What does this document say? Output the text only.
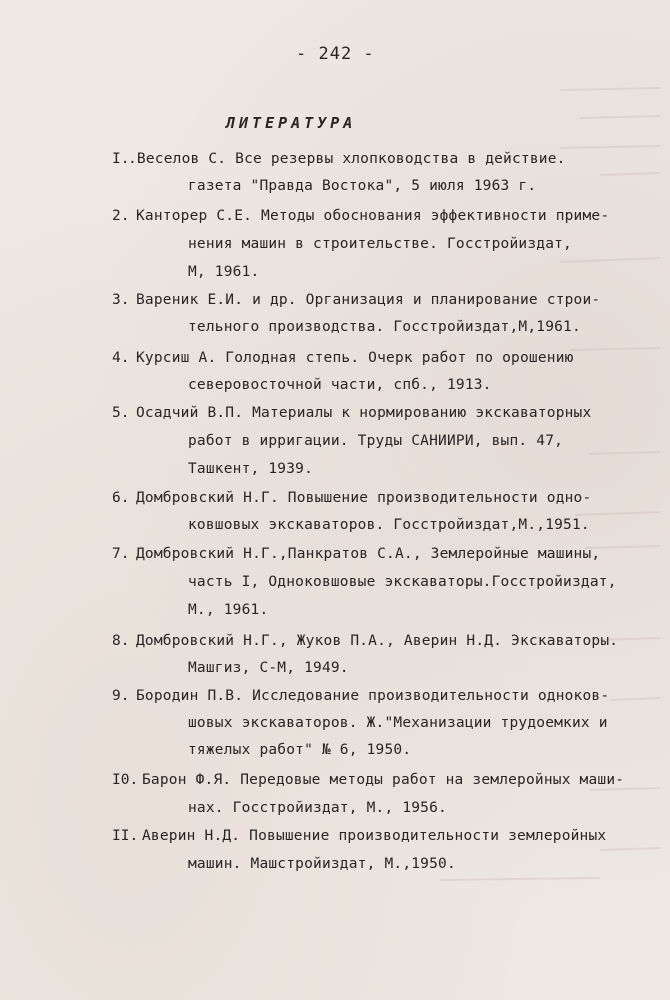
- 242 -
ЛИТЕРАТУРА
I.
.Веселов С. Все резервы хлопководства в действие.
газета "Правда Востока", 5 июля 1963 г.
2. Канторер С.Е. Методы обоснования эффективности приме-
нения машин в строительстве. Госстройиздат,
М, 1961.
3. Вареник Е.И. и др. Организация и планирование строи-
тельного производства. Госстройиздат,М,1961.
4. Курсиш А. Голодная степь. Очерк работ по орошению
северовосточной части, спб., 1913.
5. Осадчий В.П. Материалы к нормированию экскаваторных
работ в ирригации. Труды САНИИРИ, вып. 47,
Ташкент, 1939.
6. Домбровский Н.Г. Повышение производительности одно-
ковшовых экскаваторов. Госстройиздат,М.,1951.
7. Домбровский Н.Г.,Панкратов С.А., Землеройные машины,
часть I, Одноковшовые экскаваторы.Госстройиздат,
М., 1961.
8. Домбровский Н.Г., Жуков П.А., Аверин Н.Д. Экскаваторы.
Машгиз, С-М, 1949.
9. Бородин П.В. Исследование производительности одноков-
шовых экскаваторов. Ж."Механизации трудоемких и
тяжелых работ" № 6, 1950.
I0. Барон Ф.Я. Передовые методы работ на землеройных маши-
нах. Госстройиздат, М., 1956.
II. Аверин Н.Д. Повышение производительности землеройных
машин. Машстройиздат, М.,1950.
